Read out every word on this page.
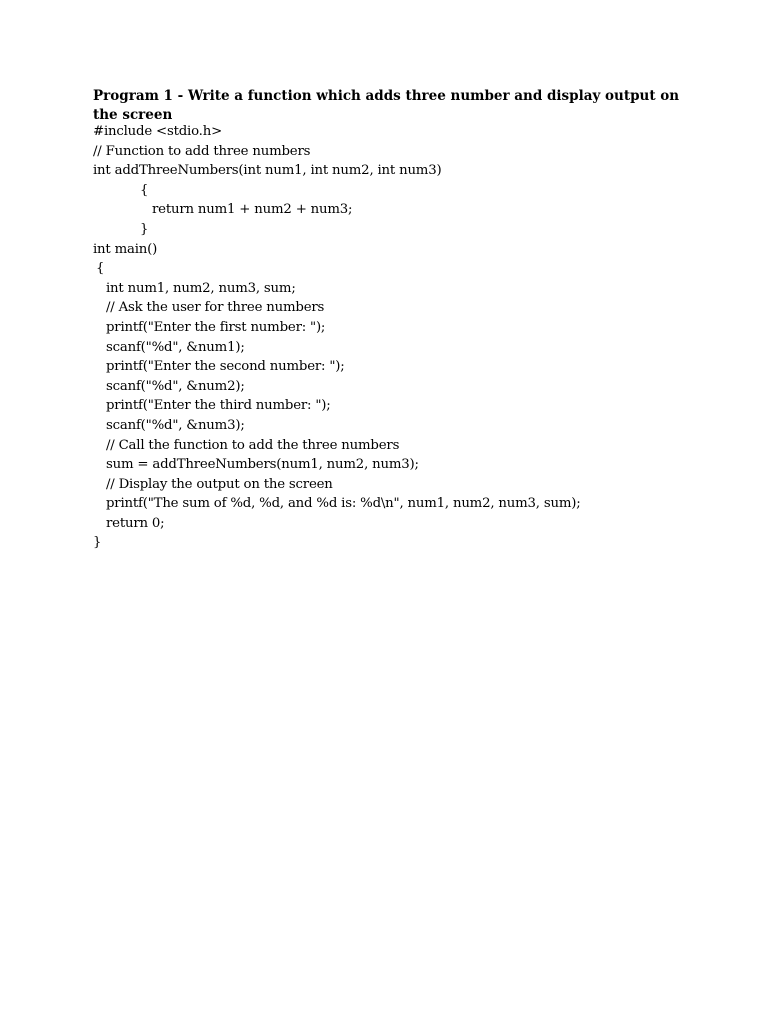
Program 1 - Write a function which adds three number and display output on the screen
#include <stdio.h>
// Function to add three numbers
int addThreeNumbers(int num1, int num2, int num3)
{
return num1 + num2 + num3;
}
int main()
{
int num1, num2, num3, sum;
// Ask the user for three numbers
printf("Enter the first number: ");
scanf("%d", &num1);
printf("Enter the second number: ");
scanf("%d", &num2);
printf("Enter the third number: ");
scanf("%d", &num3);
// Call the function to add the three numbers
sum = addThreeNumbers(num1, num2, num3);
// Display the output on the screen
printf("The sum of %d, %d, and %d is: %d\n", num1, num2, num3, sum);
return 0;
}
